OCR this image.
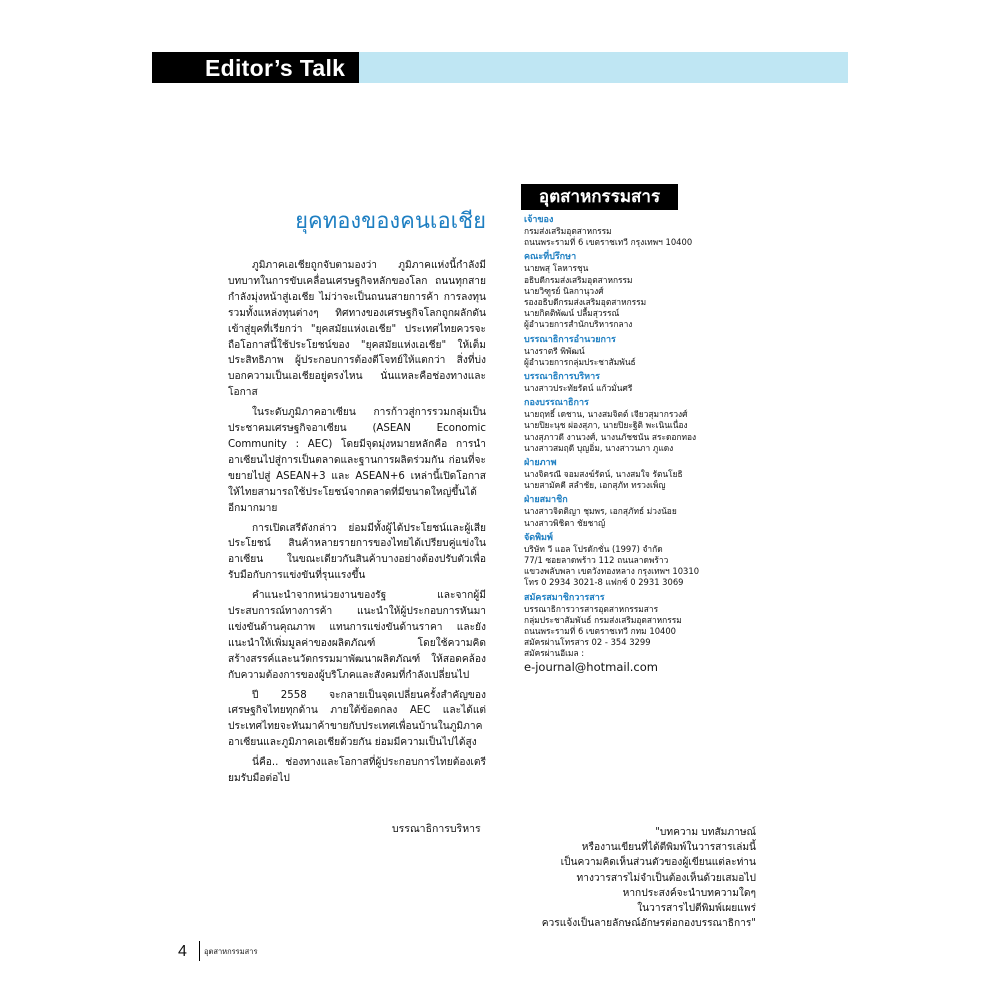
Editor’s Talk
ยุคทองของคนเอเชีย

ภูมิภาคเอเชียถูกจับตามองว่า ภูมิภาคแห่งนี้กำลังมีบทบาทในการขับเคลื่อนเศรษฐกิจหลักของโลก ถนนทุกสายกำลังมุ่งหน้าสู่เอเชีย ไม่ว่าจะเป็นถนนสายการค้า การลงทุน รวมทั้งแหล่งทุนต่างๆ ทิศทางของเศรษฐกิจโลกถูกผลักดันเข้าสู่ยุคที่เรียกว่า "ยุคสมัยแห่งเอเชีย" ประเทศไทยควรจะถือโอกาสนี้ใช้ประโยชน์ของ "ยุคสมัยแห่งเอเชีย" ให้เต็มประสิทธิภาพ ผู้ประกอบการต้องตีโจทย์ให้แตกว่า สิ่งที่บ่งบอกความเป็นเอเชียอยู่ตรงไหน นั่นแหละคือช่องทางและโอกาส

ในระดับภูมิภาคอาเซียน การก้าวสู่การรวมกลุ่มเป็นประชาคมเศรษฐกิจอาเซียน (ASEAN Economic Community : AEC) โดยมีจุดมุ่งหมายหลักคือ การนำอาเซียนไปสู่การเป็นตลาดและฐานการผลิตร่วมกัน ก่อนที่จะขยายไปสู่ ASEAN+3 และ ASEAN+6 เหล่านี้เปิดโอกาสให้ไทยสามารถใช้ประโยชน์จากตลาดที่มีขนาดใหญ่ขึ้นได้อีกมากมาย

การเปิดเสรีดังกล่าว ย่อมมีทั้งผู้ได้ประโยชน์และผู้เสียประโยชน์ สินค้าหลายรายการของไทยได้เปรียบคู่แข่งในอาเซียน ในขณะเดียวกันสินค้าบางอย่างต้องปรับตัวเพื่อรับมือกับการแข่งขันที่รุนแรงขึ้น

คำแนะนำจากหน่วยงานของรัฐ และจากผู้มีประสบการณ์ทางการค้า แนะนำให้ผู้ประกอบการหันมาแข่งขันด้านคุณภาพ แทนการแข่งขันด้านราคา และยังแนะนำให้เพิ่มมูลค่าของผลิตภัณฑ์ โดยใช้ความคิดสร้างสรรค์และนวัตกรรมมาพัฒนาผลิตภัณฑ์ ให้สอดคล้องกับความต้องการของผู้บริโภคและสังคมที่กำลังเปลี่ยนไป

ปี 2558 จะกลายเป็นจุดเปลี่ยนครั้งสำคัญของเศรษฐกิจไทยทุกด้าน ภายใต้ข้อตกลง AEC และได้แต่ประเทศไทยจะหันมาค้าขายกับประเทศเพื่อนบ้านในภูมิภาคอาเซียนและภูมิภาคเอเชียด้วยกัน ย่อมมีความเป็นไปได้สูง

นี่คือ.. ช่องทางและโอกาสที่ผู้ประกอบการไทยต้องเตรียมรับมือต่อไป

บรรณาธิการบริหาร
อุตสาหกรรมสาร
เจ้าของ
กรมส่งเสริมอุตสาหกรรม
ถนนพระรามที่ 6 เขตราชเทวี กรุงเทพฯ 10400
คณะที่ปรึกษา
นายพสุ โลหารชุน
อธิบดีกรมส่งเสริมอุตสาหกรรม
นายวิฑูรย์ นิลกานุวงศ์
รองอธิบดีกรมส่งเสริมอุตสาหกรรม
นายกิตติพัฒน์ ปลื้มสุวรรณ์
ผู้อำนวยการสำนักบริหารกลาง
บรรณาธิการอำนวยการ
นางราตรี พิพัฒน์
ผู้อำนวยการกลุ่มประชาสัมพันธ์
บรรณาธิการบริหาร
นางสาวประทัยรัตน์ แก้วมั่นศรี
กองบรรณาธิการ
นายฤทธิ์ เดชาน, นางสมจิตต์ เจียวสุมากรวงศ์
นายปิยะนุช ผ่องสุภา, นายปิยะฐิติ พะเนินเนื่อง
นางสุภาวดี งานวงศ์, นางนภัชชนัน สระดอกทอง
นางสาวสมฤดี บุญอิ่ม, นางสาวนภา ภูแดง
ฝ่ายภาพ
นางจิตรณี จอมสงฆ์รัตน์, นางสมใจ รัตนโยธิ
นายสามัคคี สลำชัย, เอกสุภัท ทรวงเพ็ญ
ฝ่ายสมาชิก
นางสาวจิตติญา ชุมพร, เอกสุภัทธ์ ม่วงน้อย
นางสาวพิชิตา ชัยชาญ์
จัดพิมพ์
บริษัท วี แอล โปรดักชั่น (1997) จำกัด
77/1 ซอยลาดพร้าว 112 ถนนลาดพร้าว
แขวงพลับพลา เขตวังทองหลาง กรุงเทพฯ 10310
โทร 0 2934 3021-8 แฟกซ์ 0 2931 3069
สมัครสมาชิกวารสาร
บรรณาธิการวารสารอุตสาหกรรมสาร
กลุ่มประชาสัมพันธ์ กรมส่งเสริมอุตสาหกรรม
ถนนพระรามที่ 6 เขตราชเทวี กทม 10400
สมัครผ่านโทรสาร 02 - 354 3299
สมัครผ่านอีเมล :
e-journal@hotmail.com
"บทความ บทสัมภาษณ์
หรืองานเขียนที่ได้ตีพิมพ์ในวารสารเล่มนี้
เป็นความคิดเห็นส่วนตัวของผู้เขียนแต่ละท่าน
ทางวารสารไม่จำเป็นต้องเห็นด้วยเสมอไป
หากประสงค์จะนำบทความใดๆ
ในวารสารไปตีพิมพ์เผยแพร่
ควรแจ้งเป็นลายลักษณ์อักษรต่อกองบรรณาธิการ"
4 อุตสาหกรรมสาร
